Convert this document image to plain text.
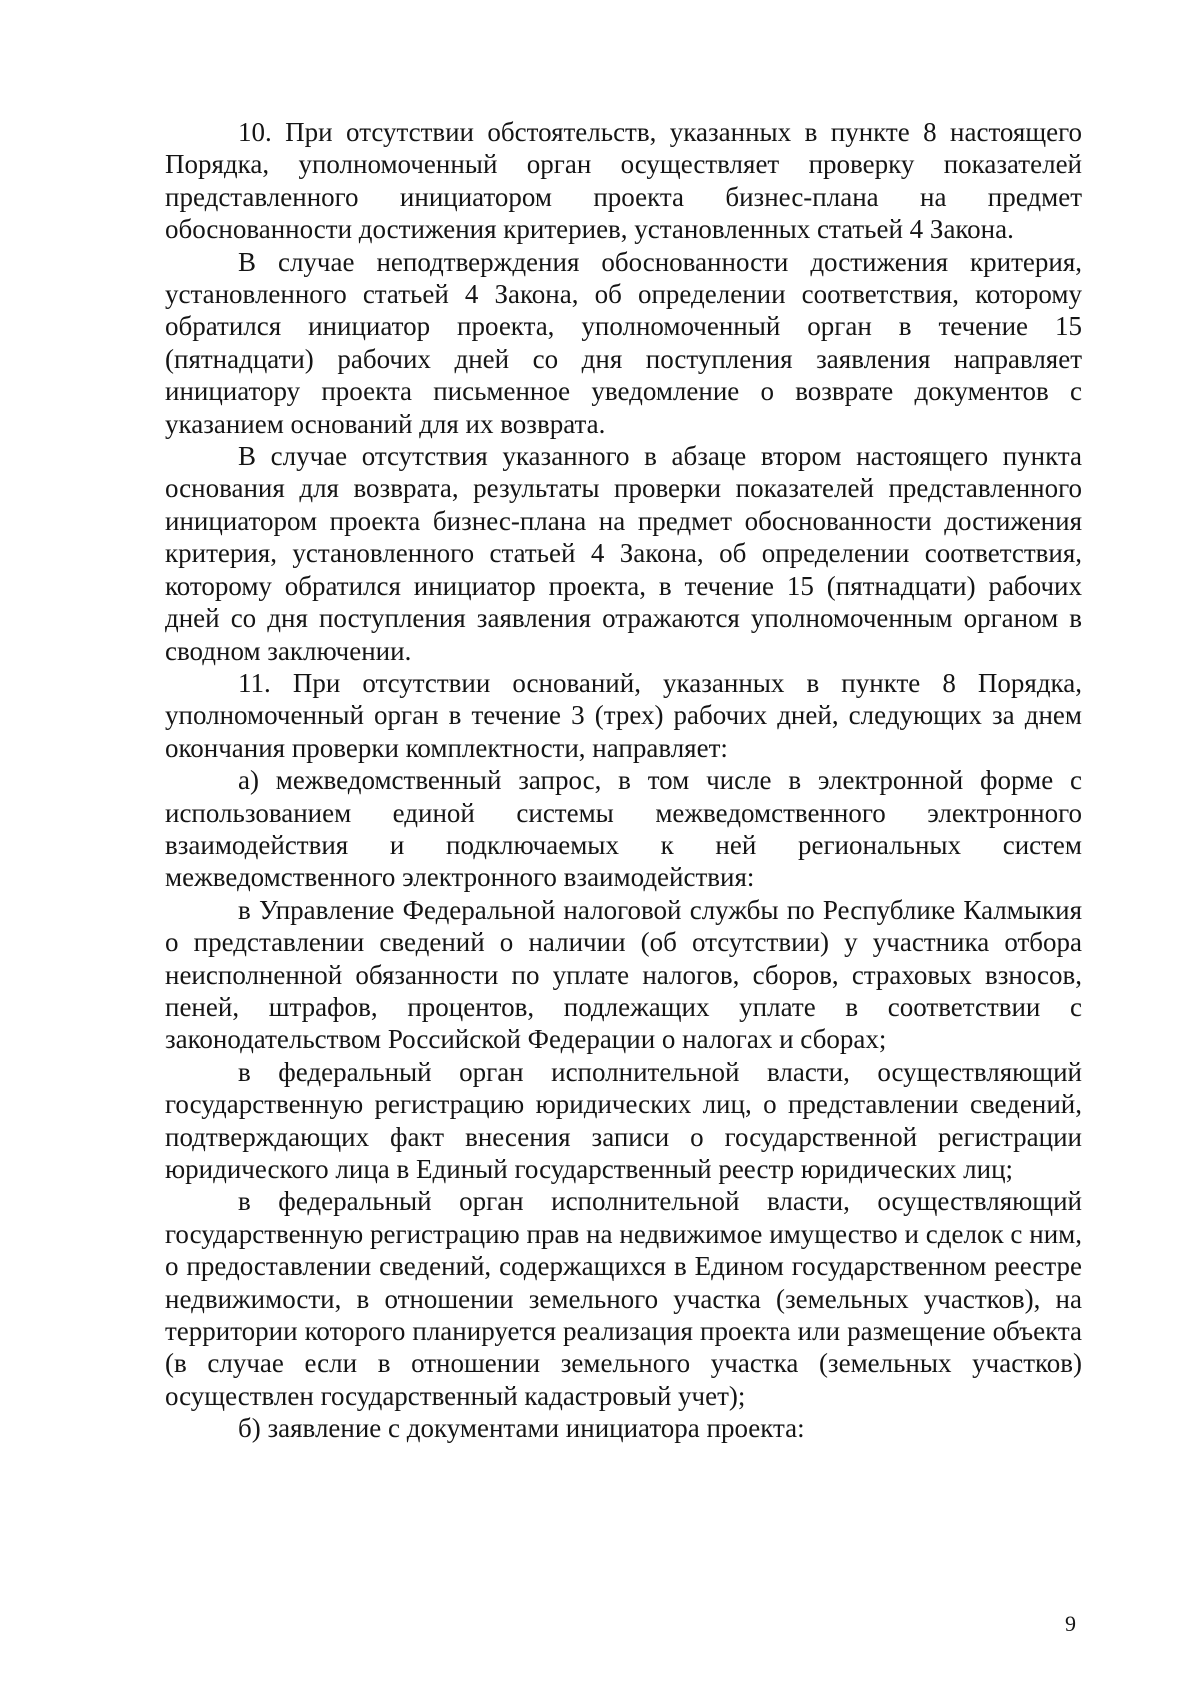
10. При отсутствии обстоятельств, указанных в пункте 8 настоящего Порядка, уполномоченный орган осуществляет проверку показателей представленного инициатором проекта бизнес-плана на предмет обоснованности достижения критериев, установленных статьей 4 Закона.

В случае неподтверждения обоснованности достижения критерия, установленного статьей 4 Закона, об определении соответствия, которому обратился инициатор проекта, уполномоченный орган в течение 15 (пятнадцати) рабочих дней со дня поступления заявления направляет инициатору проекта письменное уведомление о возврате документов с указанием оснований для их возврата.

В случае отсутствия указанного в абзаце втором настоящего пункта основания для возврата, результаты проверки показателей представленного инициатором проекта бизнес-плана на предмет обоснованности достижения критерия, установленного статьей 4 Закона, об определении соответствия, которому обратился инициатор проекта, в течение 15 (пятнадцати) рабочих дней со дня поступления заявления отражаются уполномоченным органом в сводном заключении.

11. При отсутствии оснований, указанных в пункте 8 Порядка, уполномоченный орган в течение 3 (трех) рабочих дней, следующих за днем окончания проверки комплектности, направляет:

а) межведомственный запрос, в том числе в электронной форме с использованием единой системы межведомственного электронного взаимодействия и подключаемых к ней региональных систем межведомственного электронного взаимодействия:

в Управление Федеральной налоговой службы по Республике Калмыкия о представлении сведений о наличии (об отсутствии) у участника отбора неисполненной обязанности по уплате налогов, сборов, страховых взносов, пеней, штрафов, процентов, подлежащих уплате в соответствии с законодательством Российской Федерации о налогах и сборах;

в федеральный орган исполнительной власти, осуществляющий государственную регистрацию юридических лиц, о представлении сведений, подтверждающих факт внесения записи о государственной регистрации юридического лица в Единый государственный реестр юридических лиц;

в федеральный орган исполнительной власти, осуществляющий государственную регистрацию прав на недвижимое имущество и сделок с ним, о предоставлении сведений, содержащихся в Едином государственном реестре недвижимости, в отношении земельного участка (земельных участков), на территории которого планируется реализация проекта или размещение объекта (в случае если в отношении земельного участка (земельных участков) осуществлен государственный кадастровый учет);

б) заявление с документами инициатора проекта:

9
